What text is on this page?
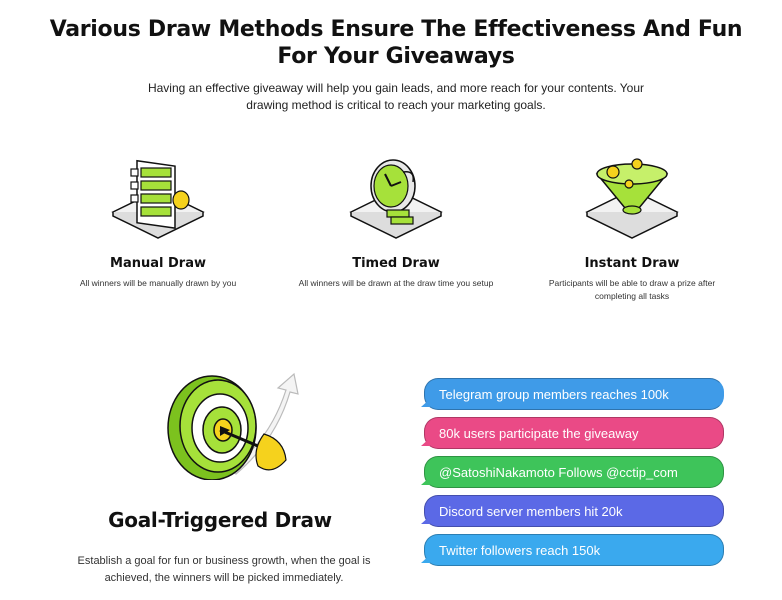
Various Draw Methods Ensure The Effectiveness And Fun For Your Giveaways
Having an effective giveaway will help you gain leads, and more reach for your contents. Your drawing method is critical to reach your marketing goals.
Manual Draw
All winners will be manually drawn by you
Timed Draw
All winners will be drawn at the draw time you setup
Instant Draw
Participants will be able to draw a prize after completing all tasks
Goal-Triggered Draw
Establish a goal for fun or business growth, when the goal is achieved, the winners will be picked immediately.
Telegram group members reaches 100k
80k users participate the giveaway
@SatoshiNakamoto Follows @cctip_com
Discord server members hit 20k
Twitter followers reach 150k
